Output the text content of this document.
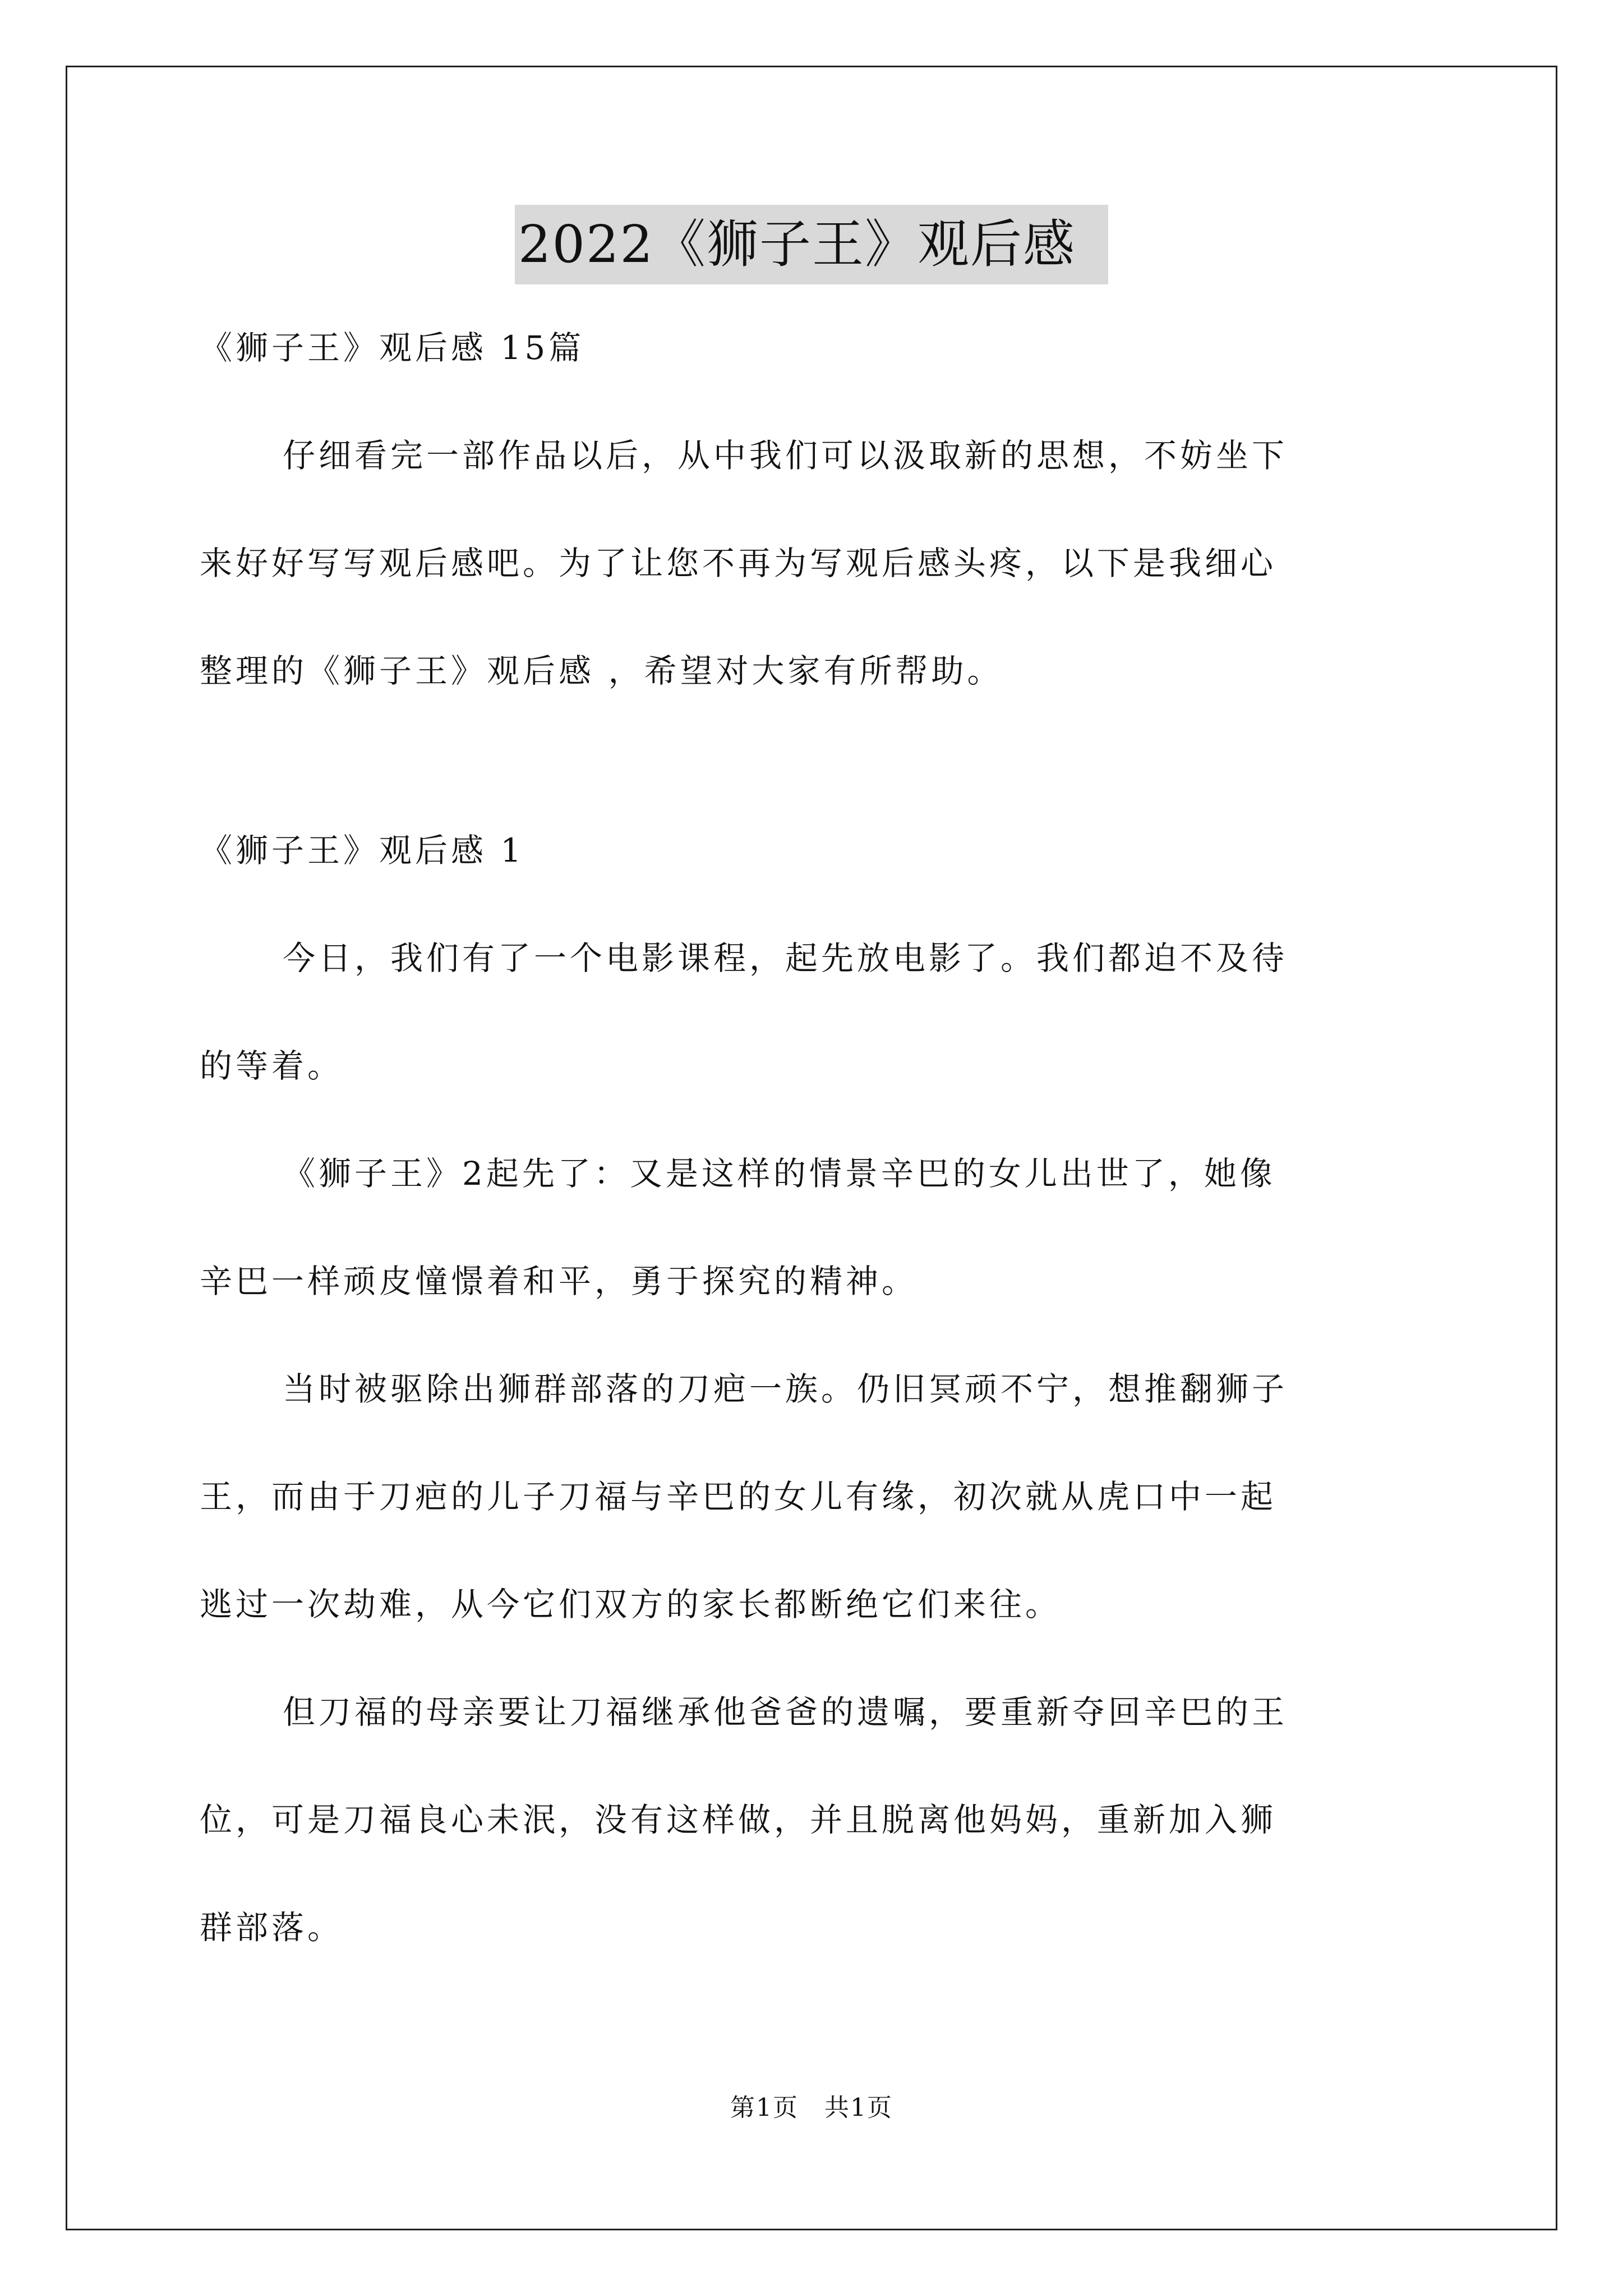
2022《狮子王》观后感

《狮子王》观后感 15篇

仔细看完一部作品以后，从中我们可以汲取新的思想，不妨坐下

来好好写写观后感吧。为了让您不再为写观后感头疼，以下是我细心

整理的《狮子王》观后感 ，希望对大家有所帮助。

《狮子王》观后感 1

今日，我们有了一个电影课程，起先放电影了。我们都迫不及待

的等着。

《狮子王》2起先了：又是这样的情景辛巴的女儿出世了，她像

辛巴一样顽皮憧憬着和平，勇于探究的精神。

当时被驱除出狮群部落的刀疤一族。仍旧冥顽不宁，想推翻狮子

王，而由于刀疤的儿子刀福与辛巴的女儿有缘，初次就从虎口中一起

逃过一次劫难，从今它们双方的家长都断绝它们来往。

但刀福的母亲要让刀福继承他爸爸的遗嘱，要重新夺回辛巴的王

位，可是刀福良心未泯，没有这样做，并且脱离他妈妈，重新加入狮

群部落。

第1页　共1页
